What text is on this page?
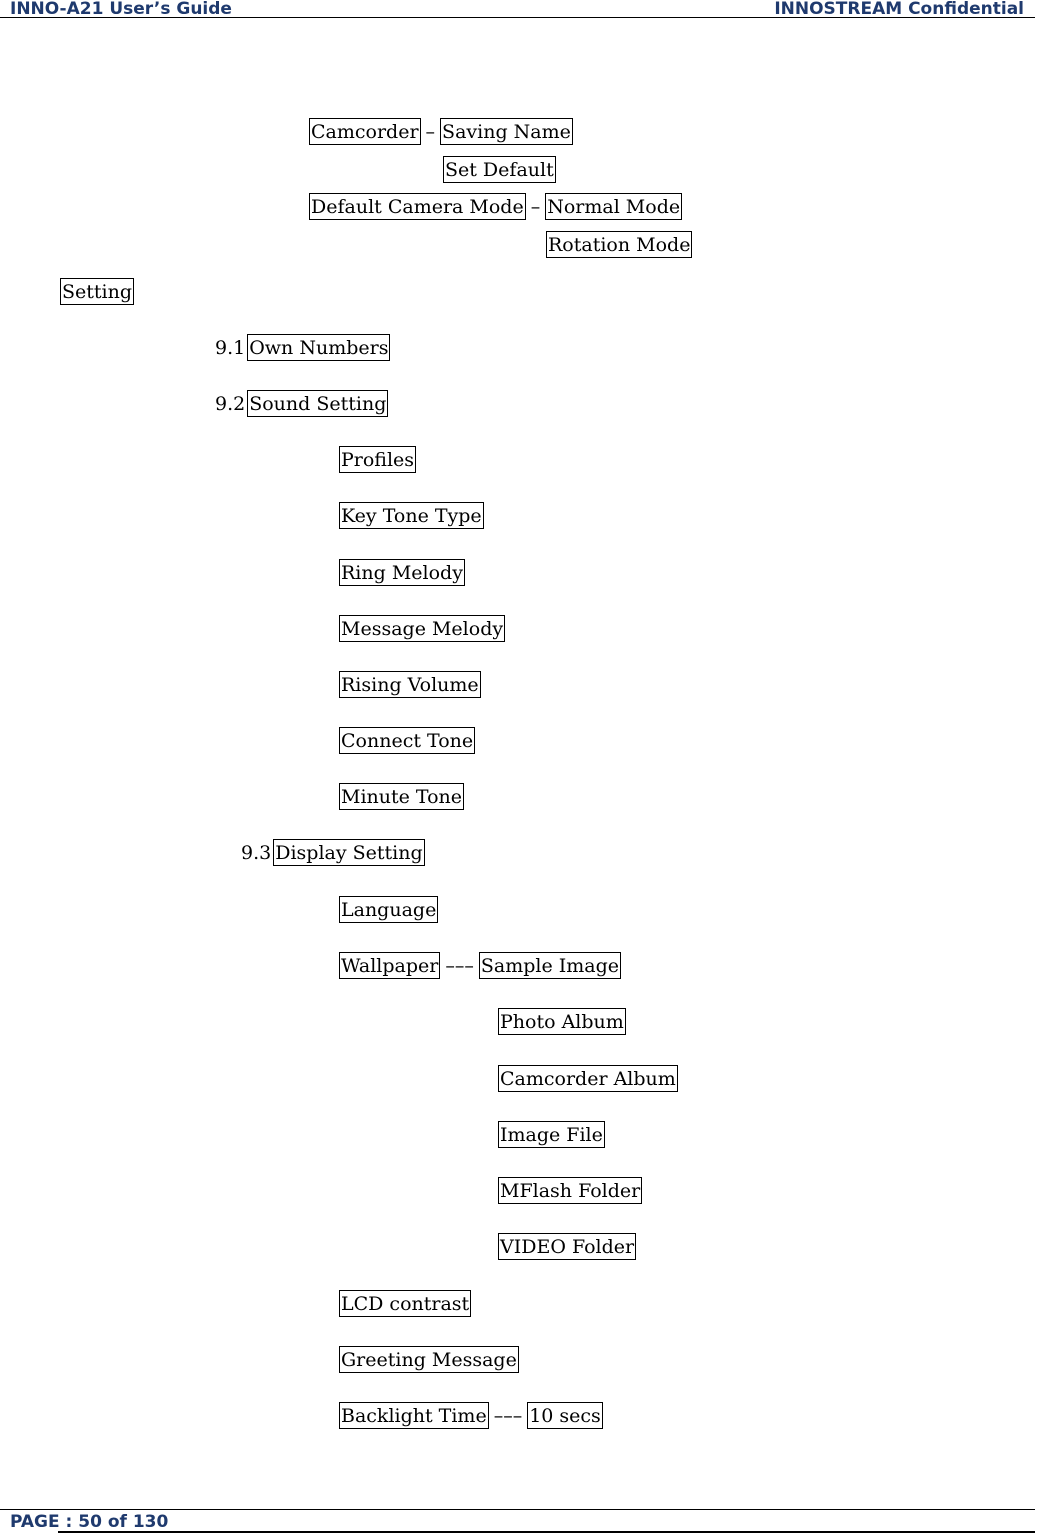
INNO-A21 User’s Guide	INNOSTREAM Confidential
Camcorder – Saving Name
Set Default
Default Camera Mode – Normal Mode
Rotation Mode
Setting
9.1 Own Numbers
9.2 Sound Setting
Profiles
Key Tone Type
Ring Melody
Message Melody
Rising Volume
Connect Tone
Minute Tone
9.3 Display Setting
Language
Wallpaper ––– Sample Image
Photo Album
Camcorder Album
Image File
MFlash Folder
VIDEO Folder
LCD contrast
Greeting Message
Backlight Time ––– 10 secs
PAGE : 50 of 130
